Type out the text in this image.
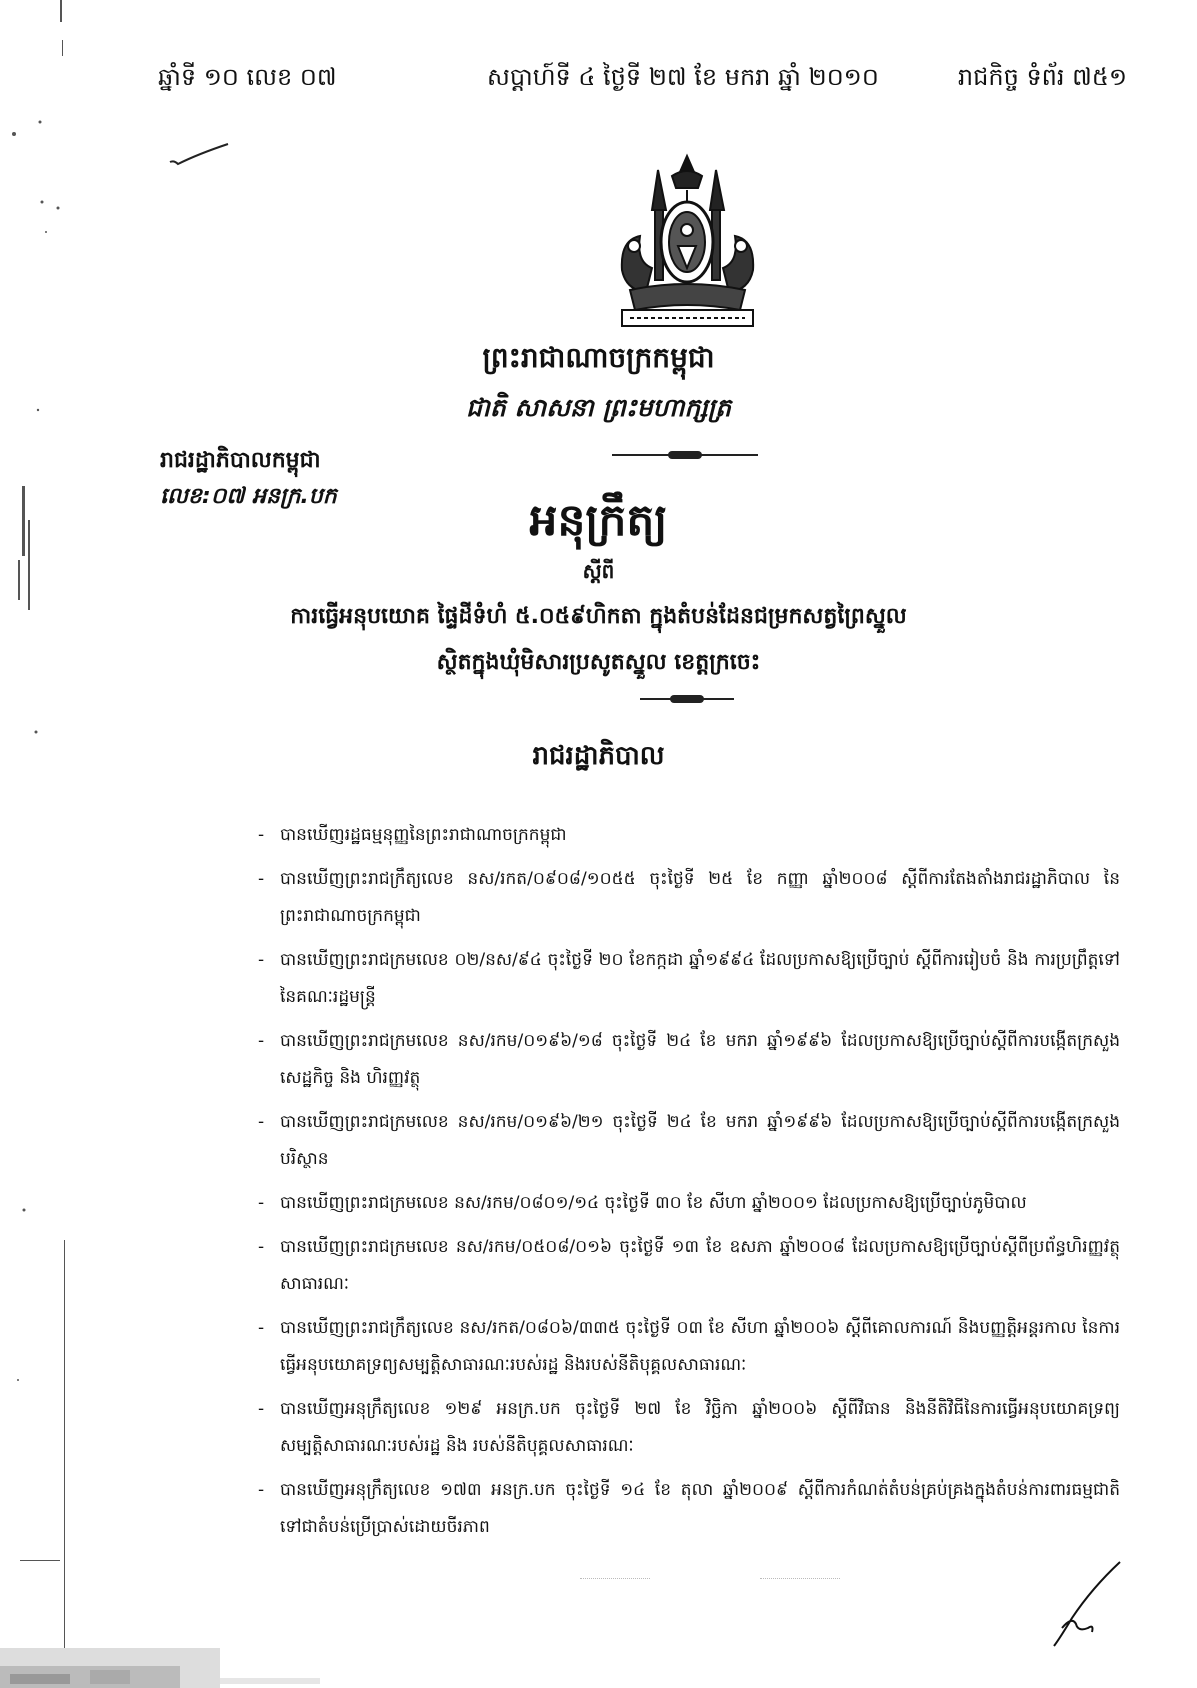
ឆ្នាំទី ១០ លេខ ០៧	សប្តាហ៍ទី ៤ ថ្ងៃទី ២៧ ខែ មករា ឆ្នាំ ២០១០	រាជកិច្ច ទំព័រ ៧៥១
ព្រះរាជាណាចក្រកម្ពុជា
ជាតិ សាសនា ព្រះមហាក្សត្រ
រាជរដ្ឋាភិបាលកម្ពុជា
លេខ:០៧ អនក្រ.បក	អនុក្រឹត្យ
ស្តីពី
ការធ្វើអនុបយោគ ផ្ទៃដីទំហំ ៥.០៥៩ហិកតា ក្នុងតំបន់ដែនជម្រកសត្វព្រៃស្នួល
ស្ថិតក្នុងឃុំមិសារប្រសូតស្នួល ខេត្តក្រចេះ
រាជរដ្ឋាភិបាល
- បានឃើញរដ្ឋធម្មនុញ្ញនៃព្រះរាជាណាចក្រកម្ពុជា
- បានឃើញព្រះរាជក្រឹត្យលេខ នស/រកត/០៩០៨/១០៥៥ ចុះថ្ងៃទី ២៥ ខែ កញ្ញា ឆ្នាំ២០០៨ ស្តីពីការតែងតាំងរាជរដ្ឋាភិបាល នៃព្រះរាជាណាចក្រកម្ពុជា
- បានឃើញព្រះរាជក្រមលេខ ០២/នស/៩៤ ចុះថ្ងៃទី ២០ ខែកក្កដា ឆ្នាំ១៩៩៤ ដែលប្រកាសឱ្យប្រើច្បាប់ ស្តីពីការរៀបចំ និង ការប្រព្រឹត្តទៅនៃគណៈរដ្ឋមន្ត្រី
- បានឃើញព្រះរាជក្រមលេខ នស/រកម/០១៩៦/១៨ ចុះថ្ងៃទី ២៤ ខែ មករា ឆ្នាំ១៩៩៦ ដែលប្រកាសឱ្យប្រើច្បាប់ស្តីពីការបង្កើតក្រសួងសេដ្ឋកិច្ច និង ហិរញ្ញវត្ថុ
- បានឃើញព្រះរាជក្រមលេខ នស/រកម/០១៩៦/២១ ចុះថ្ងៃទី ២៤ ខែ មករា ឆ្នាំ១៩៩៦ ដែលប្រកាសឱ្យប្រើច្បាប់ស្តីពីការបង្កើតក្រសួងបរិស្ថាន
- បានឃើញព្រះរាជក្រមលេខ នស/រកម/០៨០១/១៤ ចុះថ្ងៃទី ៣០ ខែ សីហា ឆ្នាំ២០០១ ដែលប្រកាសឱ្យប្រើច្បាប់ភូមិបាល
- បានឃើញព្រះរាជក្រមលេខ នស/រកម/០៥០៨/០១៦ ចុះថ្ងៃទី ១៣ ខែ ឧសភា ឆ្នាំ២០០៨ ដែលប្រកាសឱ្យប្រើច្បាប់ស្តីពីប្រព័ន្ធហិរញ្ញវត្ថុ សាធារណៈ
- បានឃើញព្រះរាជក្រឹត្យលេខ នស/រកត/០៨០៦/៣៣៥ ចុះថ្ងៃទី ០៣ ខែ សីហា ឆ្នាំ២០០៦ ស្តីពីគោលការណ៍ និងបញ្ញត្តិអន្តរកាល នៃការធ្វើអនុបយោគទ្រព្យសម្បត្តិសាធារណៈរបស់រដ្ឋ និងរបស់នីតិបុគ្គលសាធារណៈ
- បានឃើញអនុក្រឹត្យលេខ ១២៩ អនក្រ.បក ចុះថ្ងៃទី ២៧ ខែ វិច្ឆិកា ឆ្នាំ២០០៦ ស្តីពីវិធាន និងនីតិវិធីនៃការធ្វើអនុបយោគទ្រព្យសម្បត្តិសាធារណៈរបស់រដ្ឋ និង របស់នីតិបុគ្គលសាធារណៈ
- បានឃើញអនុក្រឹត្យលេខ ១៧៣ អនក្រ.បក ចុះថ្ងៃទី ១៤ ខែ តុលា ឆ្នាំ២០០៩ ស្តីពីការកំណត់តំបន់គ្រប់គ្រងក្នុងតំបន់ការពារធម្មជាតិ ទៅជាតំបន់ប្រើប្រាស់ដោយចីរភាព
